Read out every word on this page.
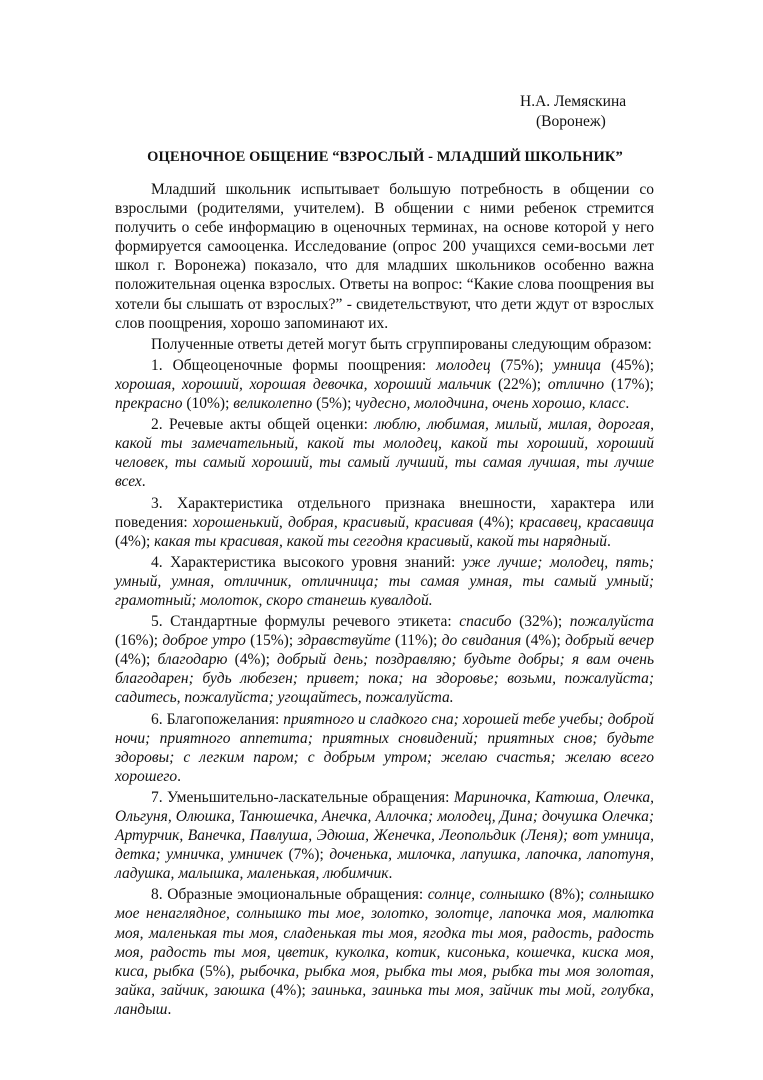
Н.А. Лемяскина
(Воронеж)
ОЦЕНОЧНОЕ ОБЩЕНИЕ “ВЗРОСЛЫЙ - МЛАДШИЙ ШКОЛЬНИК”

Младший школьник испытывает большую потребность в общении со взрослыми (родителями, учителем). В общении с ними ребенок стремится получить о себе информацию в оценочных терминах, на основе которой у него формируется самооценка. Исследование (опрос 200 учащихся семи-восьми лет школ г. Воронежа) показало, что для младших школьников особенно важна положительная оценка взрослых. Ответы на вопрос: “Какие слова поощрения вы хотели бы слышать от взрослых?” - свидетельствуют, что дети ждут от взрослых слов поощрения, хорошо запоминают их.

Полученные ответы детей могут быть сгруппированы следующим образом:

1. Общеоценочные формы поощрения: молодец (75%); умница (45%); хорошая, хороший, хорошая девочка, хороший мальчик (22%); отлично (17%); прекрасно (10%); великолепно (5%); чудесно, молодчина, очень хорошо, класс.

2. Речевые акты общей оценки: люблю, любимая, милый, милая, дорогая, какой ты замечательный, какой ты молодец, какой ты хороший, хороший человек, ты самый хороший, ты самый лучший, ты самая лучшая, ты лучше всех.

3. Характеристика отдельного признака внешности, характера или поведения: хорошенький, добрая, красивый, красивая (4%); красавец, красавица (4%); какая ты красивая, какой ты сегодня красивый, какой ты нарядный.

4. Характеристика высокого уровня знаний: уже лучше; молодец, пять; умный, умная, отличник, отличница; ты самая умная, ты самый умный; грамотный; молоток, скоро станешь кувалдой.

5. Стандартные формулы речевого этикета: спасибо (32%); пожалуйста (16%); доброе утро (15%); здравствуйте (11%); до свидания (4%); добрый вечер (4%); благодарю (4%); добрый день; поздравляю; будьте добры; я вам очень благодарен; будь любезен; привет; пока; на здоровье; возьми, пожалуйста; садитесь, пожалуйста; угощайтесь, пожалуйста.

6. Благопожелания: приятного и сладкого сна; хорошей тебе учебы; доброй ночи; приятного аппетита; приятных сновидений; приятных снов; будьте здоровы; с легким паром; с добрым утром; желаю счастья; желаю всего хорошего.

7. Уменьшительно-ласкательные обращения: Мариночка, Катюша, Олечка, Ольгуня, Олюшка, Танюшечка, Анечка, Аллочка; молодец, Дина; дочушка Олечка; Артурчик, Ванечка, Павлуша, Эдюша, Женечка, Леопольдик (Леня); вот умница, детка; умничка, умничек (7%); доченька, милочка, лапушка, лапочка, лапотуня, ладушка, малышка, маленькая, любимчик.

8. Образные эмоциональные обращения: солнце, солнышко (8%); солнышко мое ненаглядное, солнышко ты мое, золотко, золотце, лапочка моя, малютка моя, маленькая ты моя, сладенькая ты моя, ягодка ты моя, радость, радость моя, радость ты моя, цветик, куколка, котик, кисонька, кошечка, киска моя, киса, рыбка (5%), рыбочка, рыбка моя, рыбка ты моя, рыбка ты моя золотая, зайка, зайчик, заюшка (4%); заинька, заинька ты моя, зайчик ты мой, голубка, ландыш.
